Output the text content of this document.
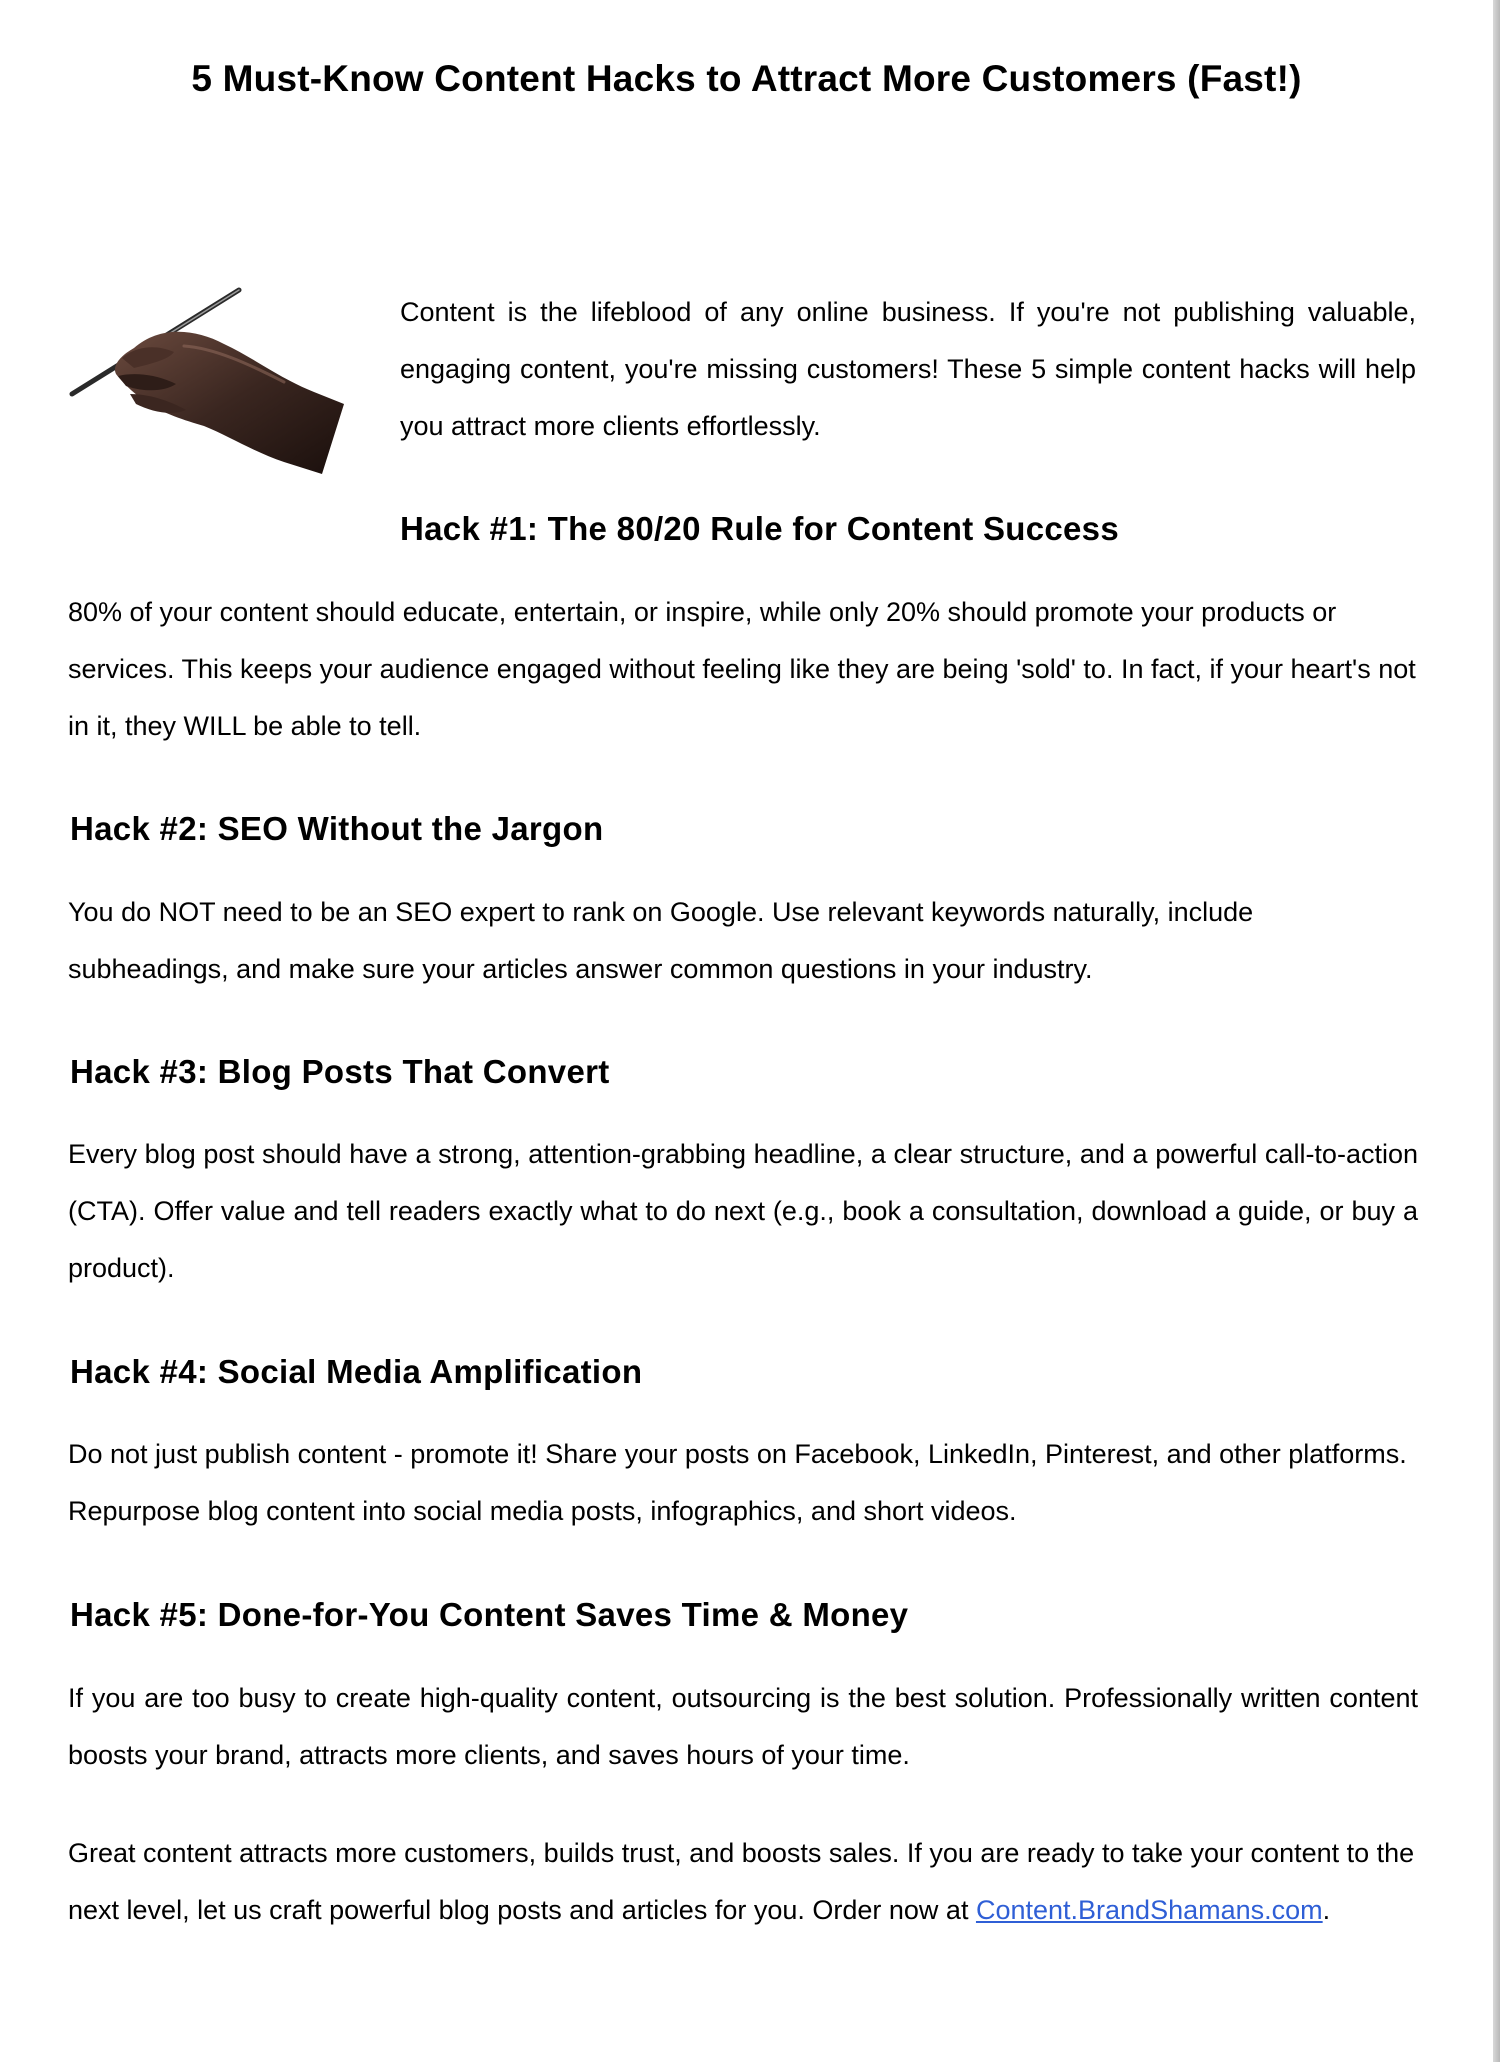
5 Must-Know Content Hacks to Attract More Customers (Fast!)

Content is the lifeblood of any online business. If you're not publishing valuable, engaging content, you're missing customers! These 5 simple content hacks will help you attract more clients effortlessly.

Hack #1: The 80/20 Rule for Content Success

80% of your content should educate, entertain, or inspire, while only 20% should promote your products or services. This keeps your audience engaged without feeling like they are being 'sold' to. In fact, if your heart's not in it, they WILL be able to tell.

Hack #2: SEO Without the Jargon

You do NOT need to be an SEO expert to rank on Google. Use relevant keywords naturally, include subheadings, and make sure your articles answer common questions in your industry.

Hack #3: Blog Posts That Convert

Every blog post should have a strong, attention-grabbing headline, a clear structure, and a powerful call-to-action (CTA). Offer value and tell readers exactly what to do next (e.g., book a consultation, download a guide, or buy a product).

Hack #4: Social Media Amplification

Do not just publish content - promote it! Share your posts on Facebook, LinkedIn, Pinterest, and other platforms. Repurpose blog content into social media posts, infographics, and short videos.

Hack #5: Done-for-You Content Saves Time & Money

If you are too busy to create high-quality content, outsourcing is the best solution. Professionally written content boosts your brand, attracts more clients, and saves hours of your time.

Great content attracts more customers, builds trust, and boosts sales. If you are ready to take your content to the next level, let us craft powerful blog posts and articles for you. Order now at Content.BrandShamans.com.
